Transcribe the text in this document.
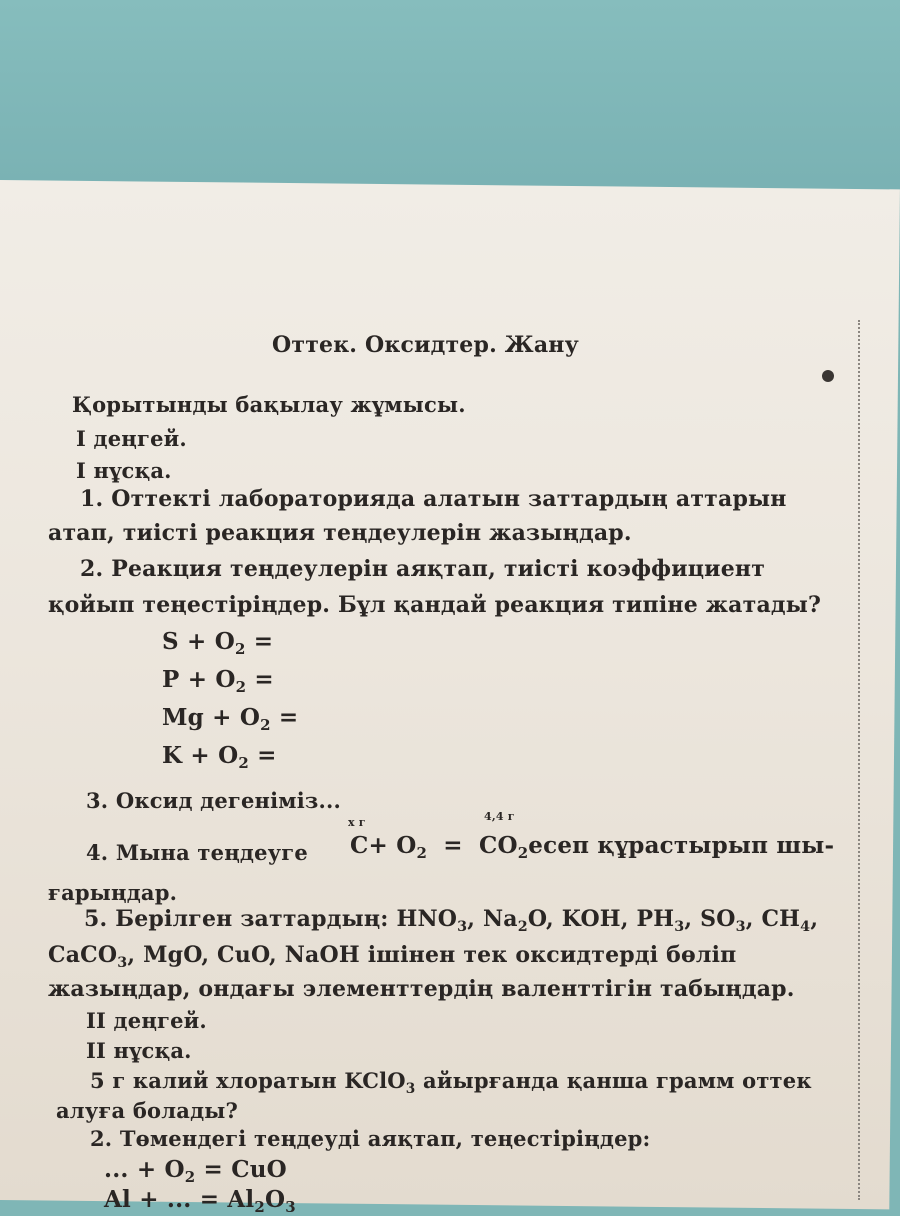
Оттек. Оксидтер. Жану
Қорытынды бақылау жұмысы.
I деңгей.
I нұсқа.
1. Оттекті лабораторияда алатын заттардың аттарын
атап, тиісті реакция теңдеулерін жазыңдар.
2. Реакция теңдеулерін аяқтап, тиісті коэффициент
қойып теңестіріңдер. Бұл қандай реакция типіне жатады?
$S + O_2$ =
$P + O_2$ =
$Mg + O_2$ =
$K + O_2$ =
3. Оксид дегеніміз...
4. Мына теңдеуге
x г	4,4 г
$C+ O_2$ = $CO_2есеп$ құрастырып шы-
ғарыңдар.
5. Берілген заттардың: $HNO_3$, $Na_2O$, KOH, $PH_3$, $SO_3$, $CH_4$,
CaCO$_3$, MgO, CuO, NaOH ішінен тек оксидтерді бөліп
жазыңдар, ондағы элементтердің валенттігін табыңдар.
II деңгей.
II нұсқа.
5 г калий хлоратын KClO$_3$ айырғанда қанша грамм оттек
алуға болады?
2. Төмендегі теңдеуді аяқтап, теңестіріңдер:
... + $O_2$ = CuO
Al + ... = $Al_2O_3$
